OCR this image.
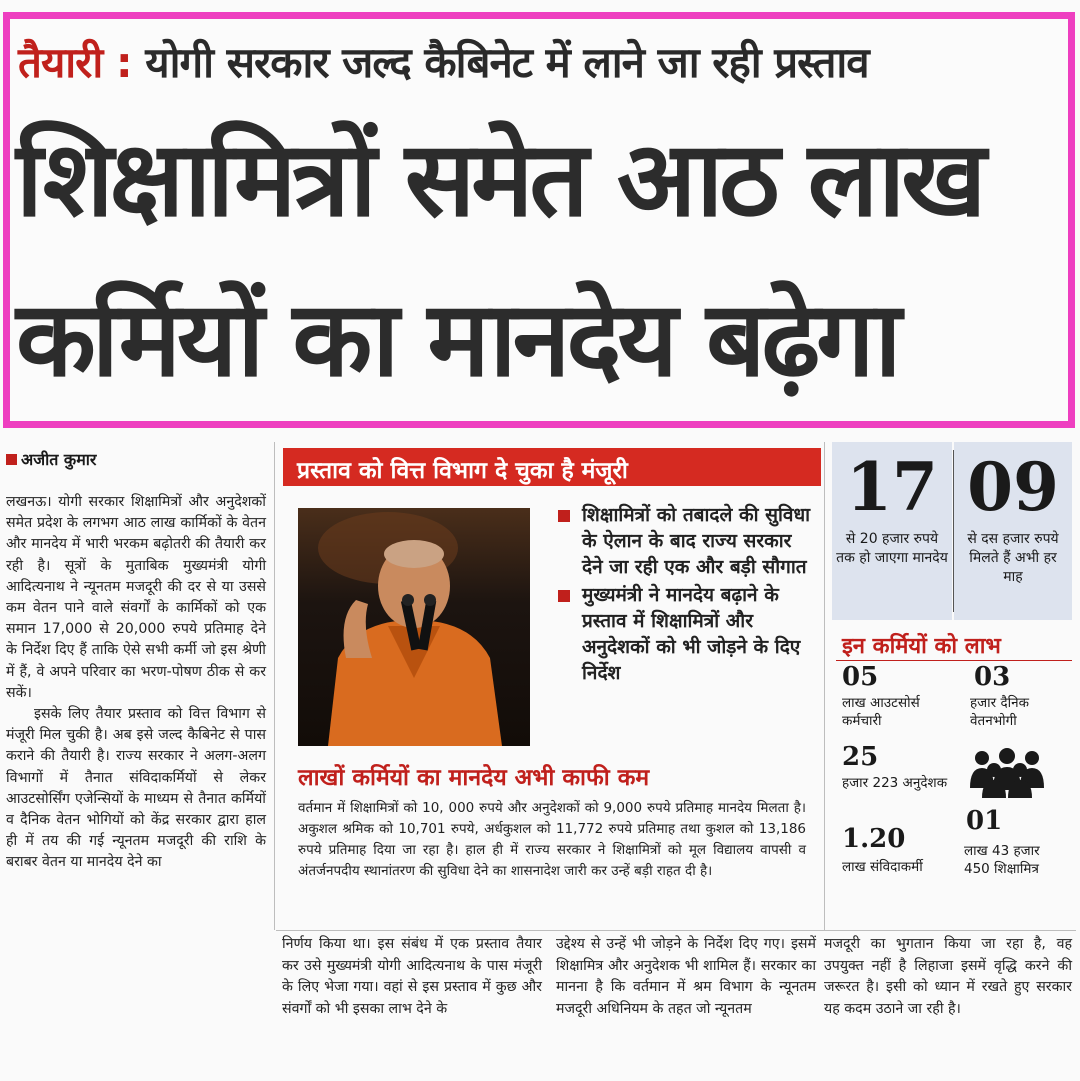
तैयारी : योगी सरकार जल्द कैबिनेट में लाने जा रही प्रस्ताव
शिक्षामित्रों समेत आठ लाख
कर्मियों का मानदेय बढ़ेगा
अजीत कुमार

लखनऊ। योगी सरकार शिक्षामित्रों और अनुदेशकों समेत प्रदेश के लगभग आठ लाख कार्मिकों के वेतन और मानदेय में भारी भरकम बढ़ोतरी की तैयारी कर रही है। सूत्रों के मुताबिक मुख्यमंत्री योगी आदित्यनाथ ने न्यूनतम मजदूरी की दर से या उससे कम वेतन पाने वाले संवर्गों के कार्मिकों को एक समान 17,000 से 20,000 रुपये प्रतिमाह देने के निर्देश दिए हैं ताकि ऐसे सभी कर्मी जो इस श्रेणी में हैं, वे अपने परिवार का भरण-पोषण ठीक से कर सकें।

इसके लिए तैयार प्रस्ताव को वित्त विभाग से मंजूरी मिल चुकी है। अब इसे जल्द कैबिनेट से पास कराने की तैयारी है। राज्य सरकार ने अलग-अलग विभागों में तैनात संविदाकर्मियों से लेकर आउटसोर्सिंग एजेन्सियों के माध्यम से तैनात कर्मियों व दैनिक वेतन भोगियों को केंद्र सरकार द्वारा हाल ही में तय की गई न्यूनतम मजदूरी की राशि के बराबर वेतन या मानदेय देने का

प्रस्ताव को वित्त विभाग दे चुका है मंजूरी
शिक्षामित्रों को तबादले की सुविधा के ऐलान के बाद राज्य सरकार देने जा रही एक और बड़ी सौगात
मुख्यमंत्री ने मानदेय बढ़ाने के प्रस्ताव में शिक्षामित्रों और अनुदेशकों को भी जोड़ने के दिए निर्देश
लाखों कर्मियों का मानदेय अभी काफी कम
वर्तमान में शिक्षामित्रों को 10, 000 रुपये और अनुदेशकों को 9,000 रुपये प्रतिमाह मानदेय मिलता है। अकुशल श्रमिक को 10,701 रुपये, अर्धकुशल को 11,772 रुपये प्रतिमाह तथा कुशल को 13,186 रुपये प्रतिमाह दिया जा रहा है। हाल ही में राज्य सरकार ने शिक्षामित्रों को मूल विद्यालय वापसी व अंतर्जनपदीय स्थानांतरण की सुविधा देने का शासनादेश जारी कर उन्हें बड़ी राहत दी है।
17
से 20 हजार रुपये तक हो जाएगा मानदेय
09
से दस हजार रुपये मिलते हैं अभी हर माह
इन कर्मियों को लाभ
05
लाख आउटसोर्स कर्मचारी
03
हजार दैनिक वेतनभोगी
25
हजार 223 अनुदेशक
1.20
लाख संविदाकर्मी
01
लाख 43 हजार 450 शिक्षामित्र
निर्णय किया था। इस संबंध में एक प्रस्ताव तैयार कर उसे मुख्यमंत्री योगी आदित्यनाथ के पास मंजूरी के लिए भेजा गया। वहां से इस प्रस्ताव में कुछ और संवर्गों को भी इसका लाभ देने के
उद्देश्य से उन्हें भी जोड़ने के निर्देश दिए गए। इसमें शिक्षामित्र और अनुदेशक भी शामिल हैं। सरकार का मानना है कि वर्तमान में श्रम विभाग के न्यूनतम मजदूरी अधिनियम के तहत जो न्यूनतम
मजदूरी का भुगतान किया जा रहा है, वह उपयुक्त नहीं है लिहाजा इसमें वृद्धि करने की जरूरत है। इसी को ध्यान में रखते हुए सरकार यह कदम उठाने जा रही है।
